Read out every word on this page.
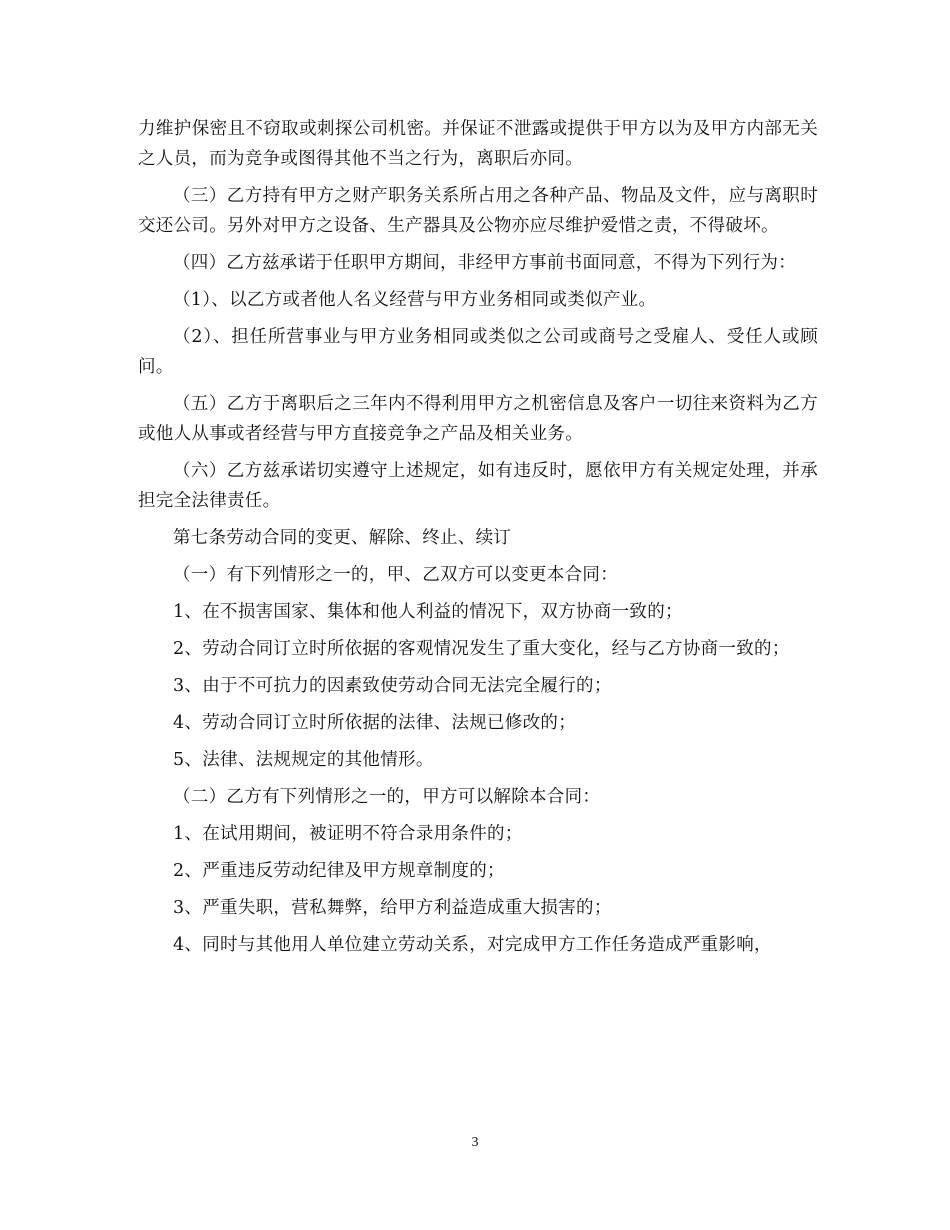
力维护保密且不窃取或刺探公司机密。并保证不泄露或提供于甲方以为及甲方内部无关之人员，而为竞争或图得其他不当之行为，离职后亦同。

（三）乙方持有甲方之财产职务关系所占用之各种产品、物品及文件，应与离职时交还公司。另外对甲方之设备、生产器具及公物亦应尽维护爱惜之责，不得破坏。

（四）乙方兹承诺于任职甲方期间，非经甲方事前书面同意，不得为下列行为：

（1）、以乙方或者他人名义经营与甲方业务相同或类似产业。

（2）、担任所营事业与甲方业务相同或类似之公司或商号之受雇人、受任人或顾问。

（五）乙方于离职后之三年内不得利用甲方之机密信息及客户一切往来资料为乙方或他人从事或者经营与甲方直接竞争之产品及相关业务。

（六）乙方兹承诺切实遵守上述规定，如有违反时，愿依甲方有关规定处理，并承担完全法律责任。

第七条劳动合同的变更、解除、终止、续订

（一）有下列情形之一的，甲、乙双方可以变更本合同：

1、在不损害国家、集体和他人利益的情况下，双方协商一致的；

2、劳动合同订立时所依据的客观情况发生了重大变化，经与乙方协商一致的；

3、由于不可抗力的因素致使劳动合同无法完全履行的；

4、劳动合同订立时所依据的法律、法规已修改的；

5、法律、法规规定的其他情形。

（二）乙方有下列情形之一的，甲方可以解除本合同：

1、在试用期间，被证明不符合录用条件的；

2、严重违反劳动纪律及甲方规章制度的；

3、严重失职，营私舞弊，给甲方利益造成重大损害的；

4、同时与其他用人单位建立劳动关系，对完成甲方工作任务造成严重影响，

3
